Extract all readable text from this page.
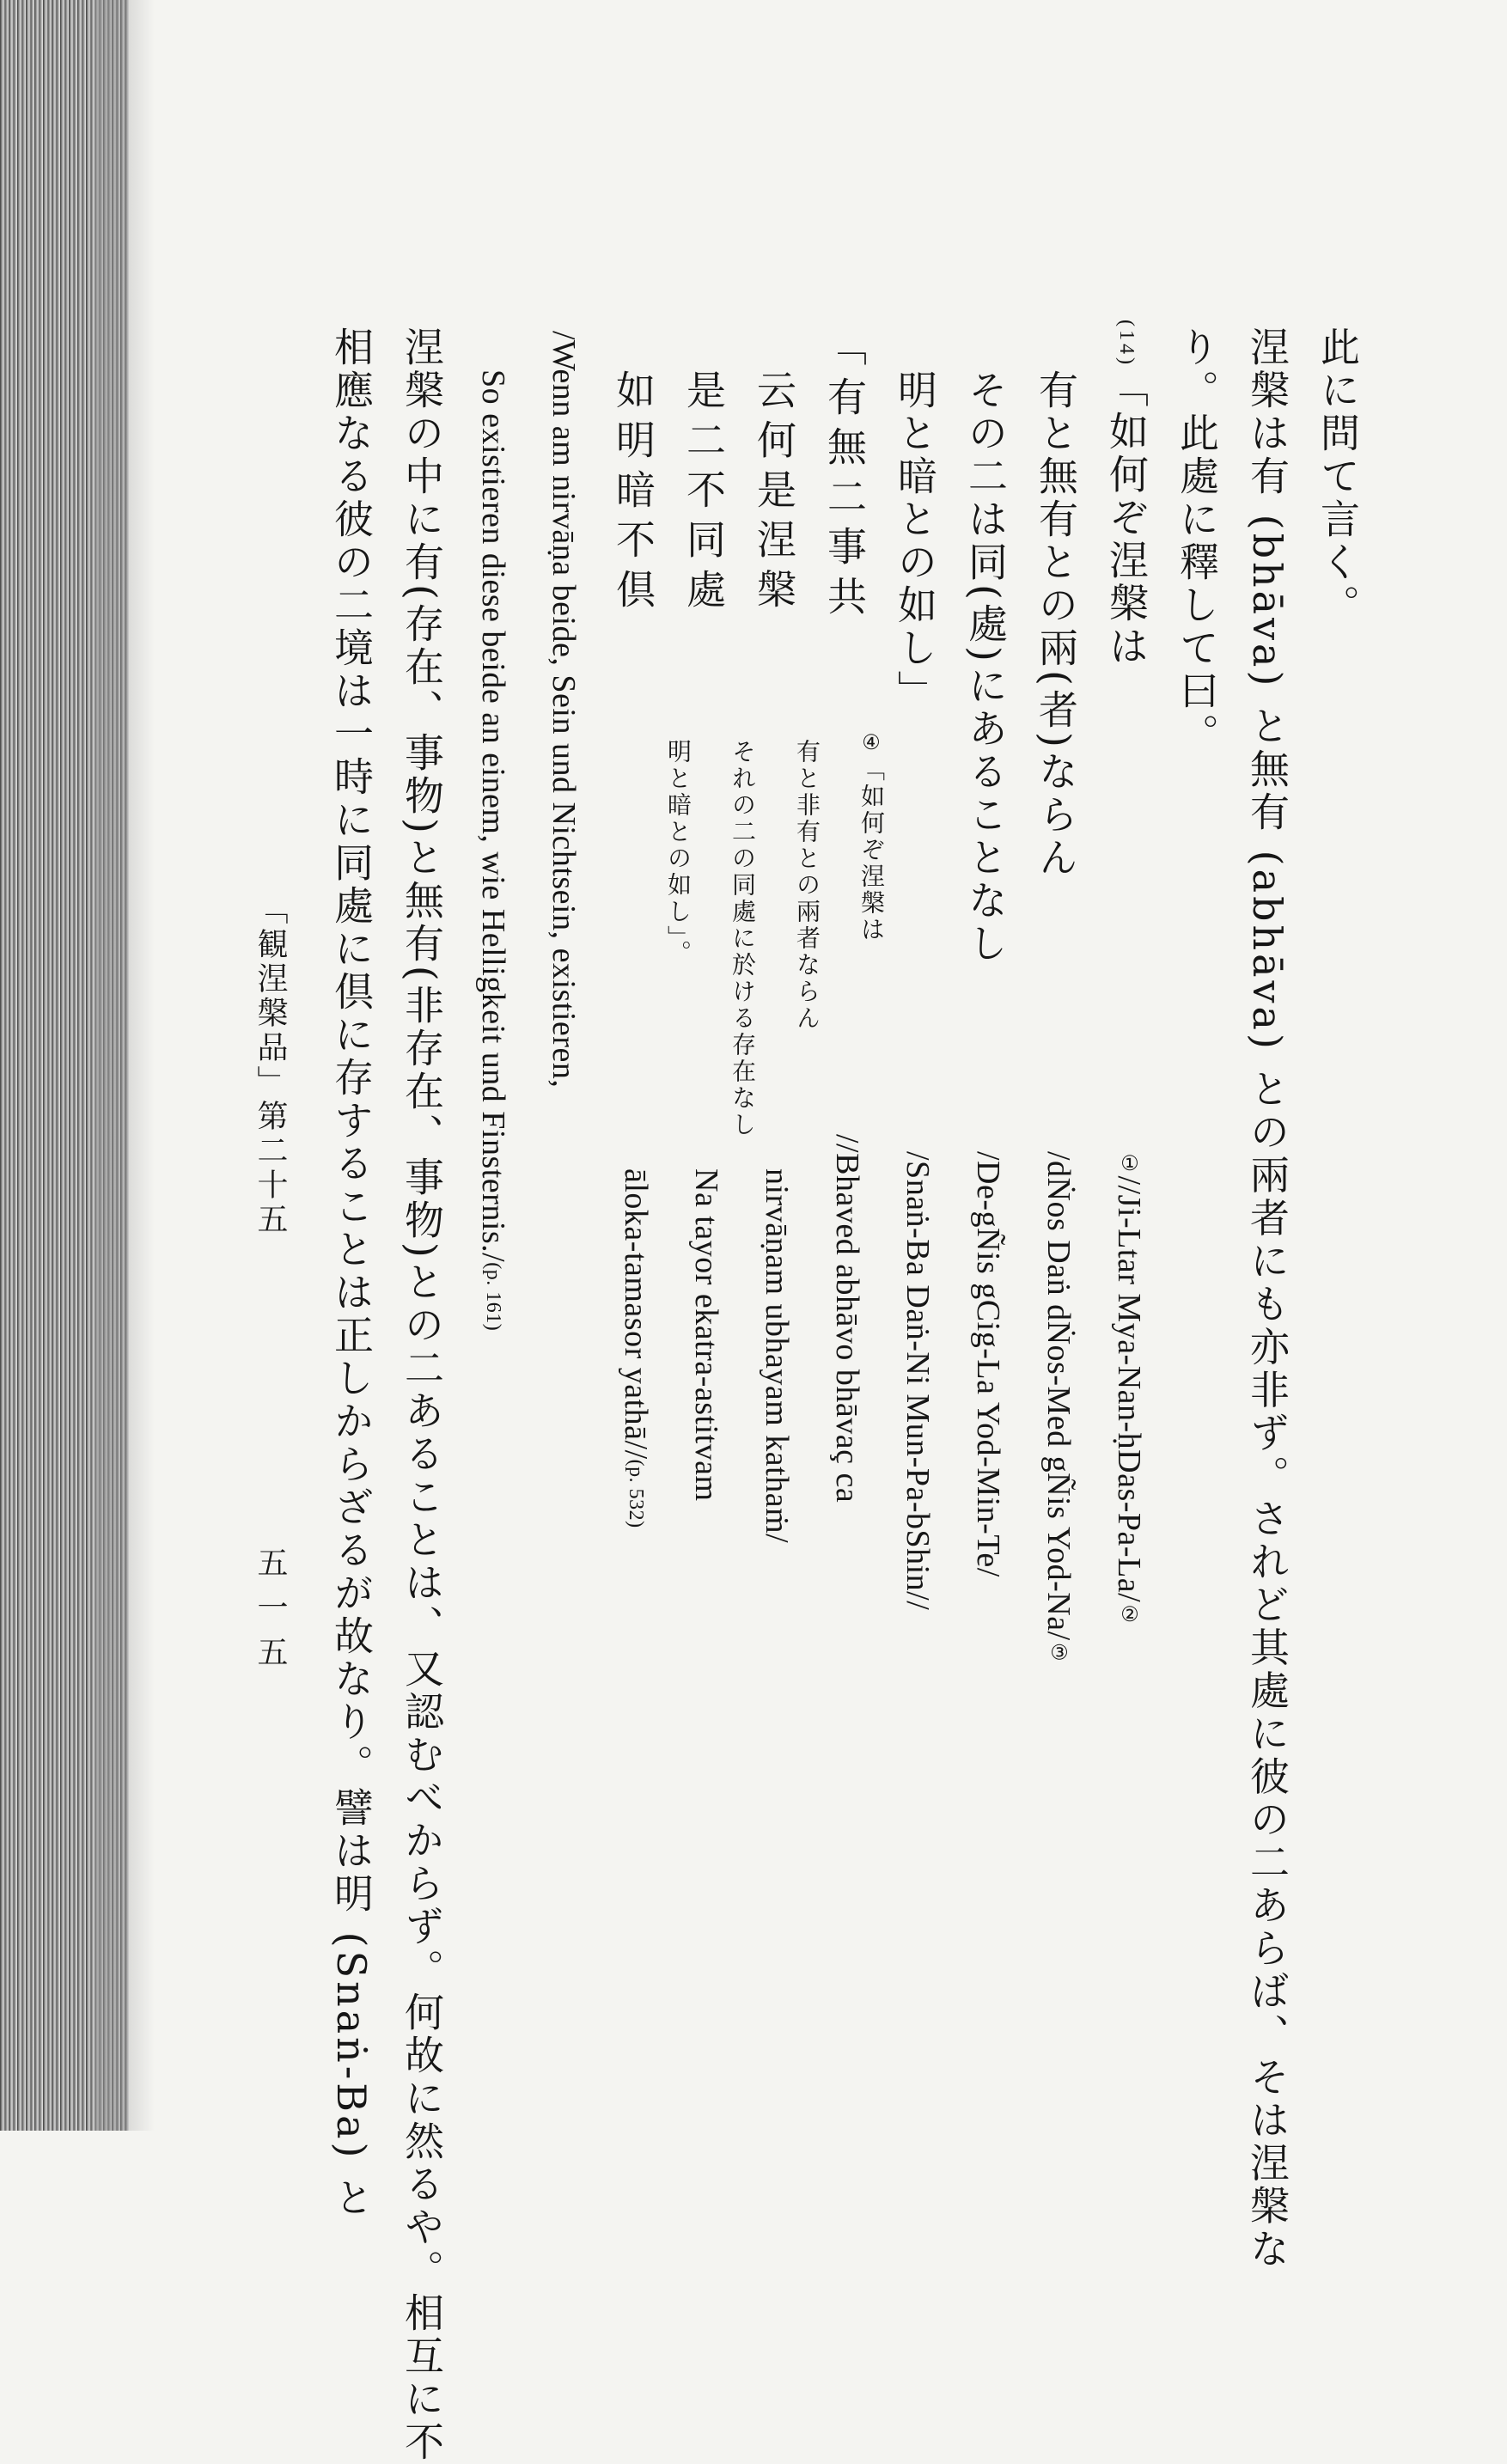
此に問て言く。
涅槃は有 (bhāva) と無有 (abhāva) との兩者にも亦非ず。されど其處に彼の二あらば、そは涅槃な
り。此處に釋して曰。
(14)「如何ぞ涅槃は
有と無有との兩(者)ならん
その二は同(處)にあることなし
明と暗との如し」
「有無二事共
云何是涅槃
是二不同處
如明暗不倶
/Wenn am nirvāṇa beide, Sein und Nichtsein, existieren,
So existieren diese beide an einem, wie Helligkeit und Finsternis./(p. 161)
涅槃の中に有(存在、事物)と無有(非存在、事物)との二あることは、又認むべからず。何故に然るや。相互に不
相應なる彼の二境は一時に同處に倶に存することは正しからざるが故なり。譬は明 (Snaṅ-Ba) と
「観涅槃品」第二十五
五一五
①//Ji-Ltar Mya-Nan-ḥDas-Pa-La/②
/dṄos Daṅ dṄos-Med gÑis Yod-Na/③
/De-gÑis gCig-La Yod-Min-Te/
/Snaṅ-Ba Daṅ-Ni Mun-Pa-bShin//
//Bhaved abhāvo bhāvaç ca
nirvāṇam ubhayam kathaṁ/
Na tayor ekatra-astitvam
āloka-tamasor yathā//(p. 532)
④「如何ぞ涅槃は
有と非有との兩者ならん
それの二の同處に於ける存在なし
明と暗との如し」。
